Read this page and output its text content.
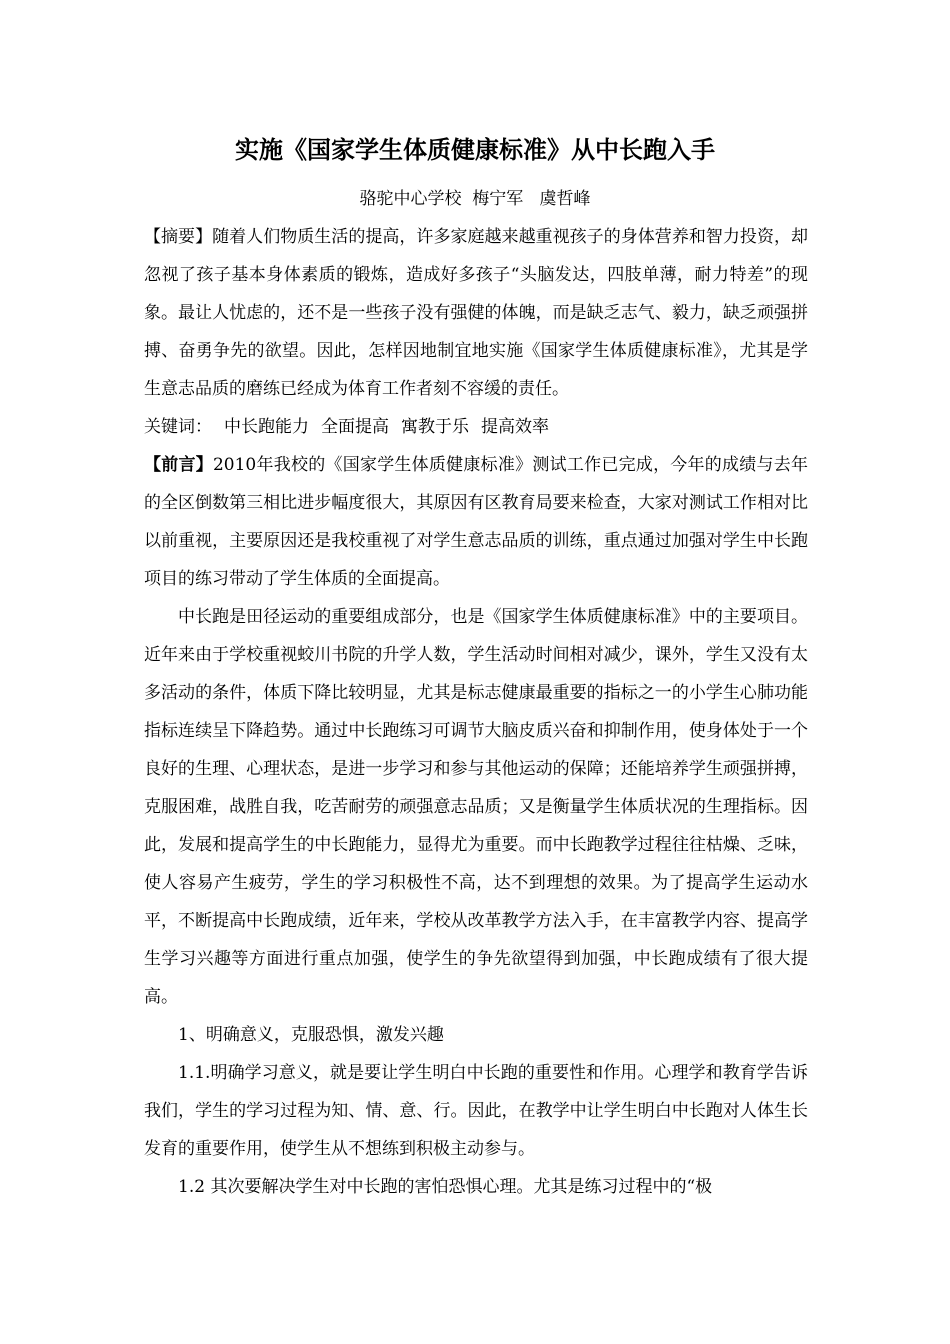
实施《国家学生体质健康标准》从中长跑入手
骆驼中心学校  梅宁军   虞哲峰

【摘要】随着人们物质生活的提高，许多家庭越来越重视孩子的身体营养和智力投资，却忽视了孩子基本身体素质的锻炼，造成好多孩子“头脑发达，四肢单薄，耐力特差”的现象。最让人忧虑的，还不是一些孩子没有强健的体魄，而是缺乏志气、毅力，缺乏顽强拼搏、奋勇争先的欲望。因此，怎样因地制宜地实施《国家学生体质健康标准》，尤其是学生意志品质的磨练已经成为体育工作者刻不容缓的责任。

关键词： 中长跑能力 全面提高 寓教于乐 提高效率

【前言】2010年我校的《国家学生体质健康标准》测试工作已完成，今年的成绩与去年的全区倒数第三相比进步幅度很大，其原因有区教育局要来检查，大家对测试工作相对比以前重视，主要原因还是我校重视了对学生意志品质的训练，重点通过加强对学生中长跑项目的练习带动了学生体质的全面提高。

中长跑是田径运动的重要组成部分，也是《国家学生体质健康标准》中的主要项目。近年来由于学校重视蛟川书院的升学人数，学生活动时间相对减少，课外，学生又没有太多活动的条件，体质下降比较明显，尤其是标志健康最重要的指标之一的小学生心肺功能指标连续呈下降趋势。通过中长跑练习可调节大脑皮质兴奋和抑制作用，使身体处于一个良好的生理、心理状态，是进一步学习和参与其他运动的保障；还能培养学生顽强拼搏，克服困难，战胜自我，吃苦耐劳的顽强意志品质；又是衡量学生体质状况的生理指标。因此，发展和提高学生的中长跑能力，显得尤为重要。而中长跑教学过程往往枯燥、乏味，使人容易产生疲劳，学生的学习积极性不高，达不到理想的效果。为了提高学生运动水平，不断提高中长跑成绩，近年来，学校从改革教学方法入手，在丰富教学内容、提高学生学习兴趣等方面进行重点加强，使学生的争先欲望得到加强，中长跑成绩有了很大提高。

1、明确意义，克服恐惧，激发兴趣

1.1.明确学习意义，就是要让学生明白中长跑的重要性和作用。心理学和教育学告诉我们，学生的学习过程为知、情、意、行。因此，在教学中让学生明白中长跑对人体生长发育的重要作用，使学生从不想练到积极主动参与。

1.2 其次要解决学生对中长跑的害怕恐惧心理。尤其是练习过程中的“极
